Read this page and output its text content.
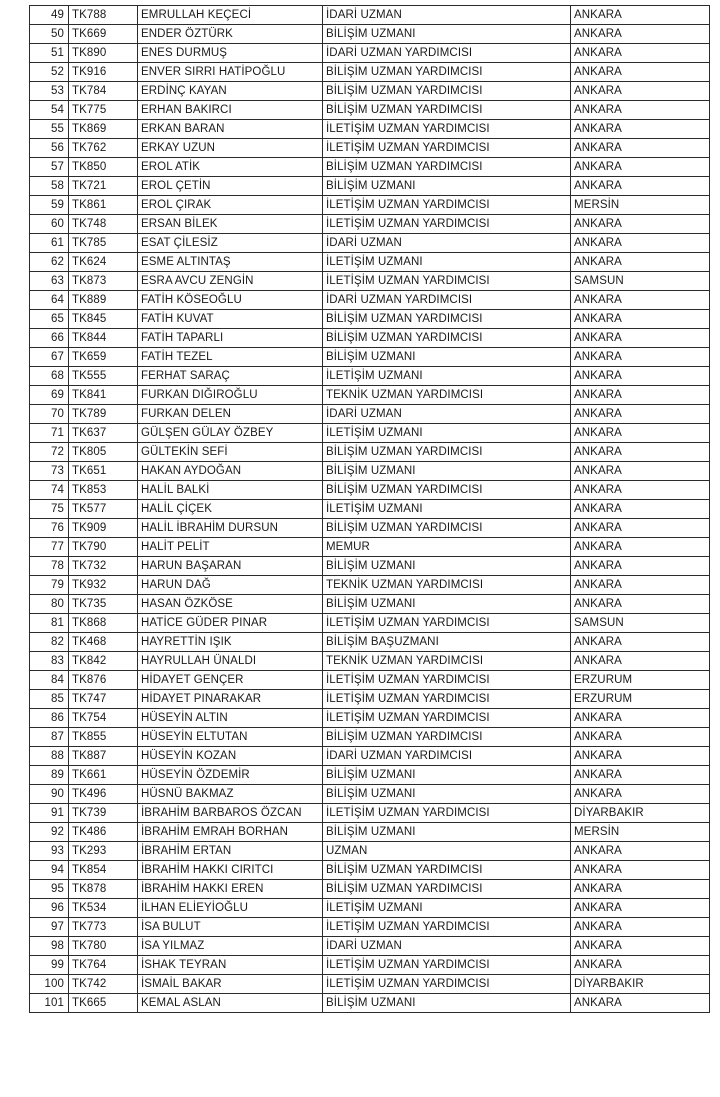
49	TK788	EMRULLAH KEÇECİ	İDARİ UZMAN	ANKARA
50	TK669	ENDER ÖZTÜRK	BİLİŞİM UZMANI	ANKARA
51	TK890	ENES DURMUŞ	İDARİ UZMAN YARDIMCISI	ANKARA
52	TK916	ENVER SIRRI HATİPOĞLU	BİLİŞİM UZMAN YARDIMCISI	ANKARA
53	TK784	ERDİNÇ KAYAN	BİLİŞİM UZMAN YARDIMCISI	ANKARA
54	TK775	ERHAN BAKIRCI	BİLİŞİM UZMAN YARDIMCISI	ANKARA
55	TK869	ERKAN BARAN	İLETİŞİM UZMAN YARDIMCISI	ANKARA
56	TK762	ERKAY UZUN	İLETİŞİM UZMAN YARDIMCISI	ANKARA
57	TK850	EROL ATİK	BİLİŞİM UZMAN YARDIMCISI	ANKARA
58	TK721	EROL ÇETİN	BİLİŞİM UZMANI	ANKARA
59	TK861	EROL ÇIRAK	İLETİŞİM UZMAN YARDIMCISI	MERSİN
60	TK748	ERSAN BİLEK	İLETİŞİM UZMAN YARDIMCISI	ANKARA
61	TK785	ESAT ÇİLESİZ	İDARİ UZMAN	ANKARA
62	TK624	ESME ALTINTAŞ	İLETİŞİM UZMANI	ANKARA
63	TK873	ESRA AVCU ZENGİN	İLETİŞİM UZMAN YARDIMCISI	SAMSUN
64	TK889	FATİH KÖSEOĞLU	İDARİ UZMAN YARDIMCISI	ANKARA
65	TK845	FATİH KUVAT	BİLİŞİM UZMAN YARDIMCISI	ANKARA
66	TK844	FATİH TAPARLI	BİLİŞİM UZMAN YARDIMCISI	ANKARA
67	TK659	FATİH TEZEL	BİLİŞİM UZMANI	ANKARA
68	TK555	FERHAT SARAÇ	İLETİŞİM UZMANI	ANKARA
69	TK841	FURKAN DIĞIROĞLU	TEKNİK UZMAN YARDIMCISI	ANKARA
70	TK789	FURKAN DELEN	İDARİ UZMAN	ANKARA
71	TK637	GÜLŞEN GÜLAY ÖZBEY	İLETİŞİM UZMANI	ANKARA
72	TK805	GÜLTEKİN SEFİ	BİLİŞİM UZMAN YARDIMCISI	ANKARA
73	TK651	HAKAN AYDOĞAN	BİLİŞİM UZMANI	ANKARA
74	TK853	HALİL BALKİ	BİLİŞİM UZMAN YARDIMCISI	ANKARA
75	TK577	HALİL ÇİÇEK	İLETİŞİM UZMANI	ANKARA
76	TK909	HALİL İBRAHİM DURSUN	BİLİŞİM UZMAN YARDIMCISI	ANKARA
77	TK790	HALİT PELİT	MEMUR	ANKARA
78	TK732	HARUN BAŞARAN	BİLİŞİM UZMANI	ANKARA
79	TK932	HARUN DAĞ	TEKNİK UZMAN YARDIMCISI	ANKARA
80	TK735	HASAN ÖZKÖSE	BİLİŞİM UZMANI	ANKARA
81	TK868	HATİCE GÜDER PINAR	İLETİŞİM UZMAN YARDIMCISI	SAMSUN
82	TK468	HAYRETTİN IŞIK	BİLİŞİM BAŞUZMANI	ANKARA
83	TK842	HAYRULLAH ÜNALDI	TEKNİK UZMAN YARDIMCISI	ANKARA
84	TK876	HİDAYET GENÇER	İLETİŞİM UZMAN YARDIMCISI	ERZURUM
85	TK747	HİDAYET PINARAKAR	İLETİŞİM UZMAN YARDIMCISI	ERZURUM
86	TK754	HÜSEYİN ALTIN	İLETİŞİM UZMAN YARDIMCISI	ANKARA
87	TK855	HÜSEYİN ELTUTAN	BİLİŞİM UZMAN YARDIMCISI	ANKARA
88	TK887	HÜSEYİN KOZAN	İDARİ UZMAN YARDIMCISI	ANKARA
89	TK661	HÜSEYİN ÖZDEMİR	BİLİŞİM UZMANI	ANKARA
90	TK496	HÜSNÜ BAKMAZ	BİLİŞİM UZMANI	ANKARA
91	TK739	İBRAHİM BARBAROS ÖZCAN	İLETİŞİM UZMAN YARDIMCISI	DİYARBAKIR
92	TK486	İBRAHİM EMRAH BORHAN	BİLİŞİM UZMANI	MERSİN
93	TK293	İBRAHİM ERTAN	UZMAN	ANKARA
94	TK854	İBRAHİM HAKKI CIRITCI	BİLİŞİM UZMAN YARDIMCISI	ANKARA
95	TK878	İBRAHİM HAKKI EREN	BİLİŞİM UZMAN YARDIMCISI	ANKARA
96	TK534	İLHAN ELİEYİOĞLU	İLETİŞİM UZMANI	ANKARA
97	TK773	İSA BULUT	İLETİŞİM UZMAN YARDIMCISI	ANKARA
98	TK780	İSA YILMAZ	İDARİ UZMAN	ANKARA
99	TK764	İSHAK TEYRAN	İLETİŞİM UZMAN YARDIMCISI	ANKARA
100	TK742	İSMAİL BAKAR	İLETİŞİM UZMAN YARDIMCISI	DİYARBAKIR
101	TK665	KEMAL ASLAN	BİLİŞİM UZMANI	ANKARA
